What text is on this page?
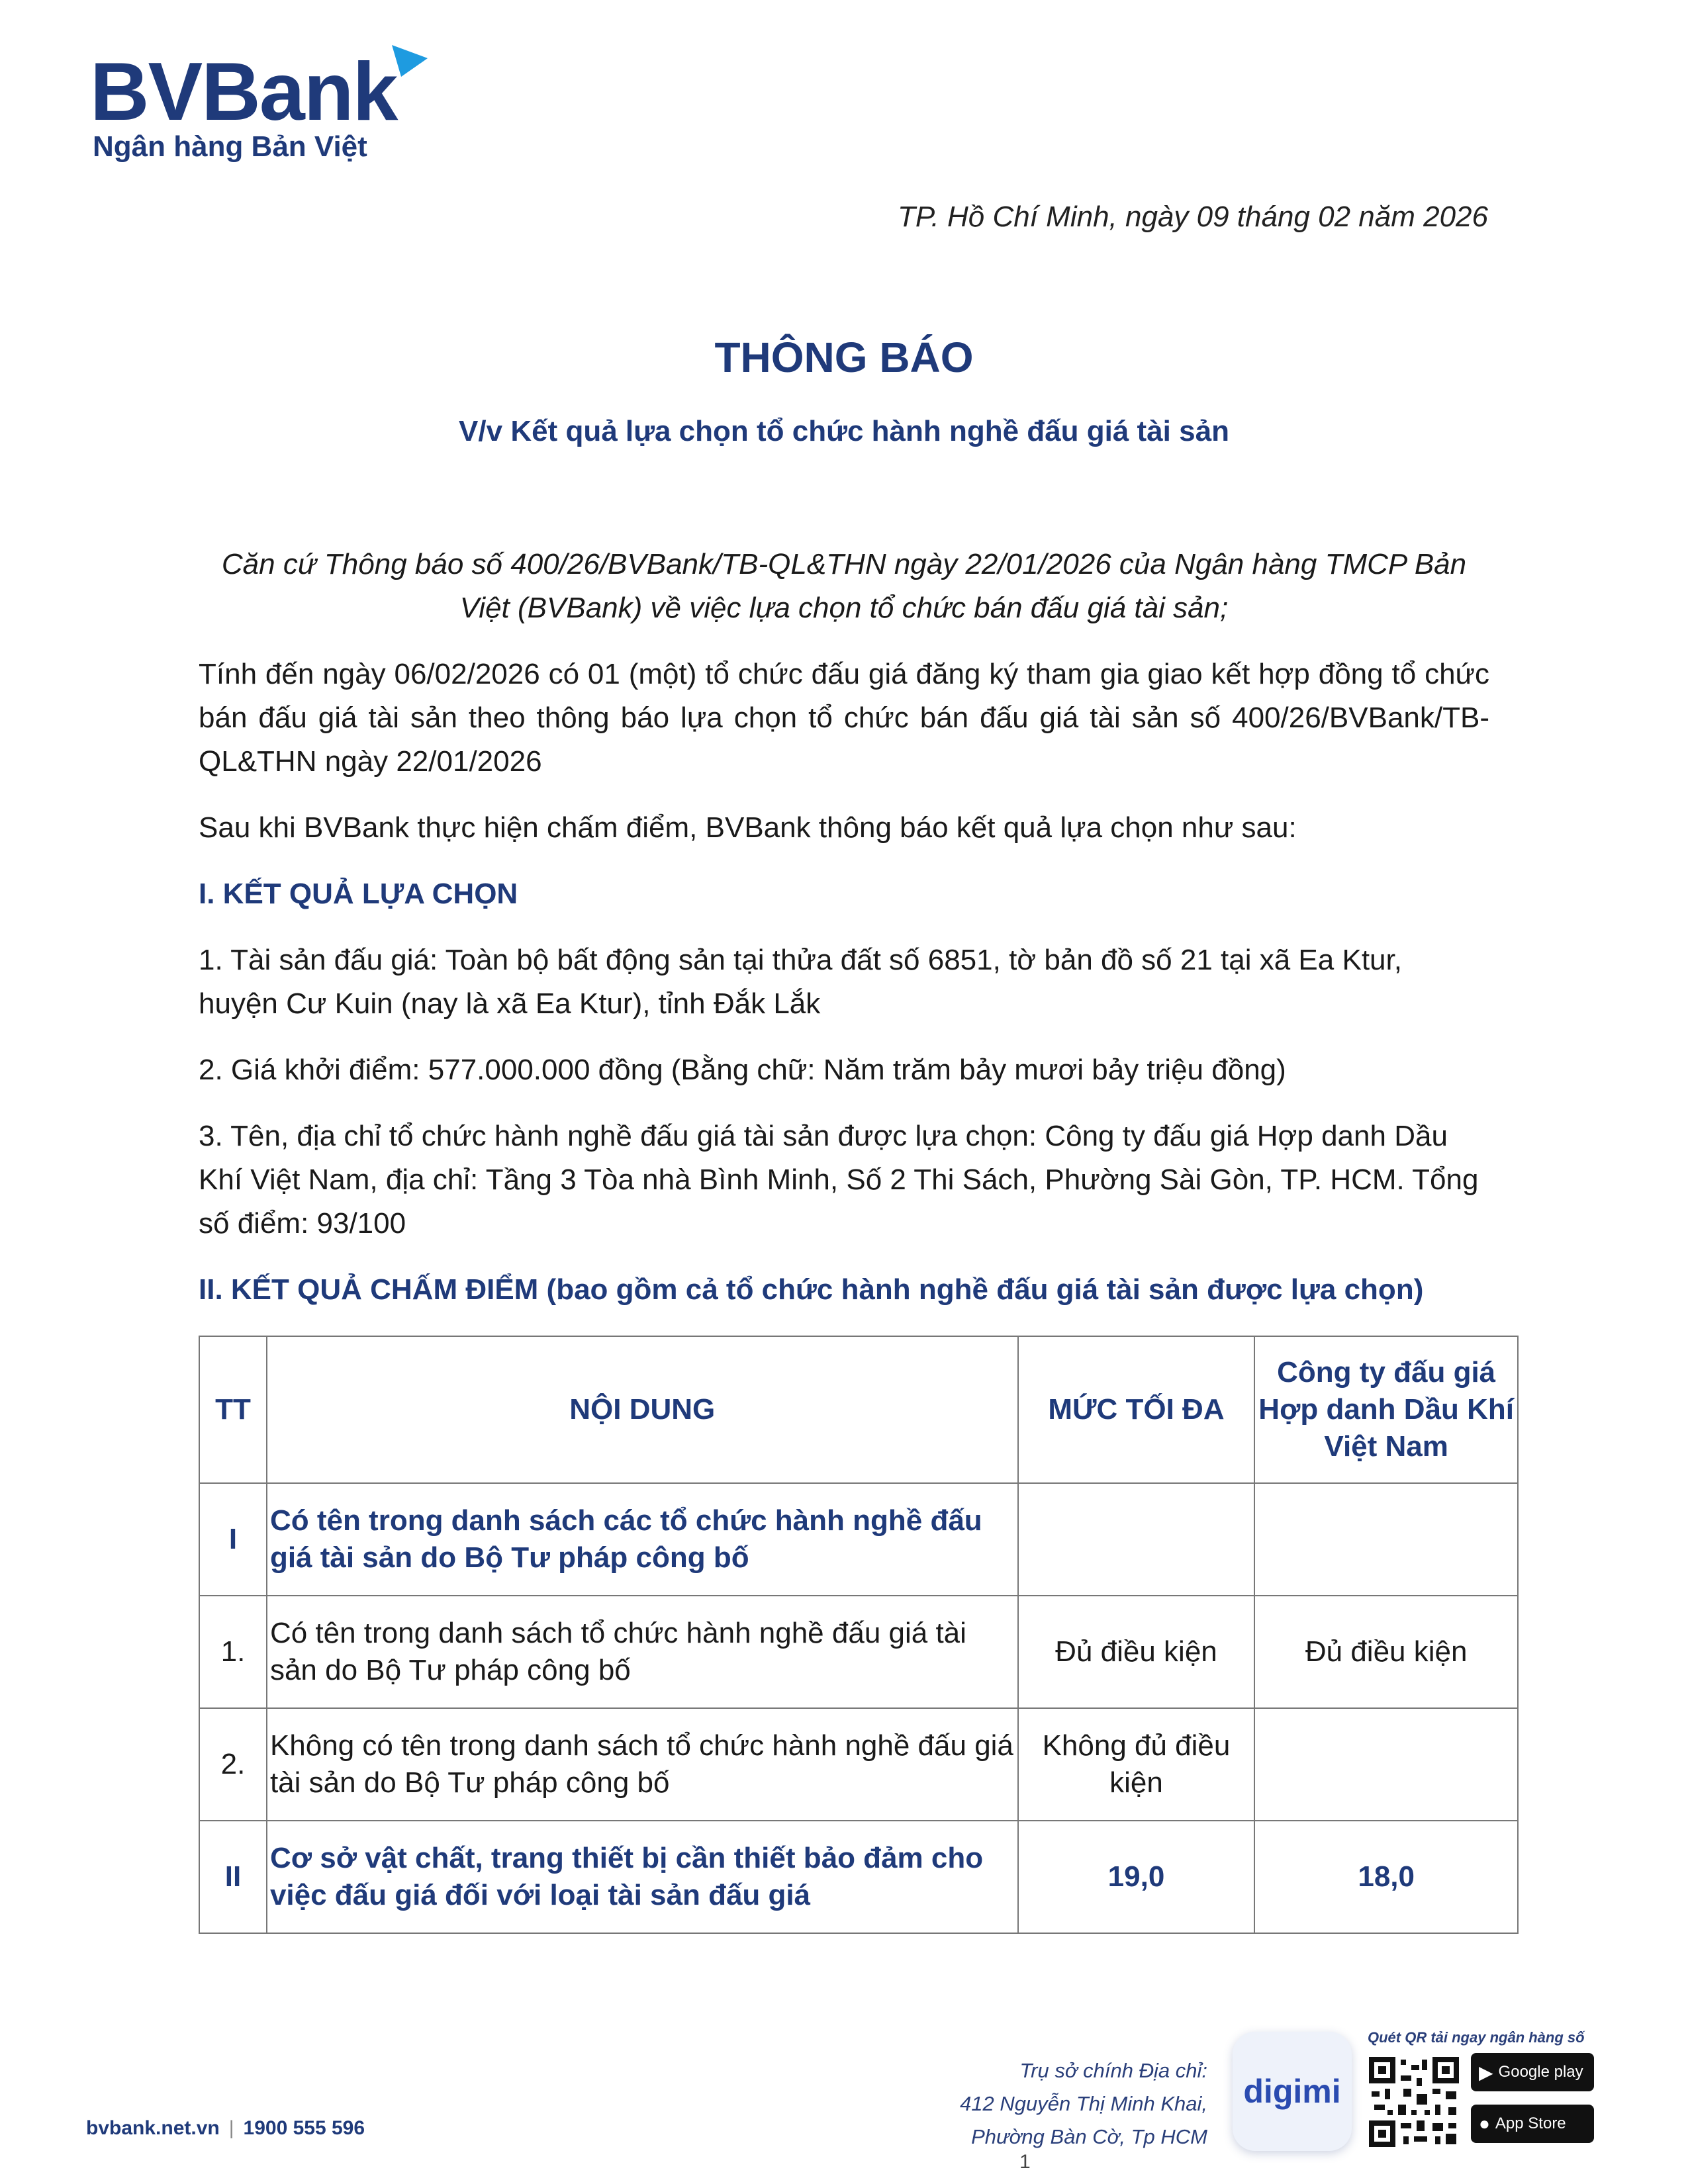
BVBank
Ngân hàng Bản Việt
TP. Hồ Chí Minh, ngày 09 tháng 02 năm 2026
THÔNG BÁO
V/v Kết quả lựa chọn tổ chức hành nghề đấu giá tài sản

Căn cứ Thông báo số 400/26/BVBank/TB-QL&THN ngày 22/01/2026 của Ngân hàng TMCP Bản Việt (BVBank) về việc lựa chọn tổ chức bán đấu giá tài sản;

Tính đến ngày 06/02/2026 có 01 (một) tổ chức đấu giá đăng ký tham gia giao kết hợp đồng tổ chức bán đấu giá tài sản theo thông báo lựa chọn tổ chức bán đấu giá tài sản số 400/26/BVBank/TB-QL&THN ngày 22/01/2026

Sau khi BVBank thực hiện chấm điểm, BVBank thông báo kết quả lựa chọn như sau:

I. KẾT QUẢ LỰA CHỌN

1. Tài sản đấu giá: Toàn bộ bất động sản tại thửa đất số 6851, tờ bản đồ số 21 tại xã Ea Ktur, huyện Cư Kuin (nay là xã Ea Ktur), tỉnh Đắk Lắk

2. Giá khởi điểm: 577.000.000 đồng (Bằng chữ: Năm trăm bảy mươi bảy triệu đồng)

3. Tên, địa chỉ tổ chức hành nghề đấu giá tài sản được lựa chọn: Công ty đấu giá Hợp danh Dầu Khí Việt Nam, địa chỉ: Tầng 3 Tòa nhà Bình Minh, Số 2 Thi Sách, Phường Sài Gòn, TP. HCM. Tổng số điểm: 93/100

II. KẾT QUẢ CHẤM ĐIỂM (bao gồm cả tổ chức hành nghề đấu giá tài sản được lựa chọn)

TT	NỘI DUNG	MỨC TỐI ĐA	Công ty đấu giá Hợp danh Dầu Khí Việt Nam
I	Có tên trong danh sách các tổ chức hành nghề đấu giá tài sản do Bộ Tư pháp công bố		
1.	Có tên trong danh sách tổ chức hành nghề đấu giá tài sản do Bộ Tư pháp công bố	Đủ điều kiện	Đủ điều kiện
2.	Không có tên trong danh sách tổ chức hành nghề đấu giá tài sản do Bộ Tư pháp công bố	Không đủ điều kiện	
II	Cơ sở vật chất, trang thiết bị cần thiết bảo đảm cho việc đấu giá đối với loại tài sản đấu giá	19,0	18,0
bvbank.net.vn | 1900 555 596
Trụ sở chính Địa chỉ:
412 Nguyễn Thị Minh Khai,
Phường Bàn Cờ, Tp HCM
digimi
Quét QR tải ngay ngân hàng số
▶ Google play
● App Store
1
